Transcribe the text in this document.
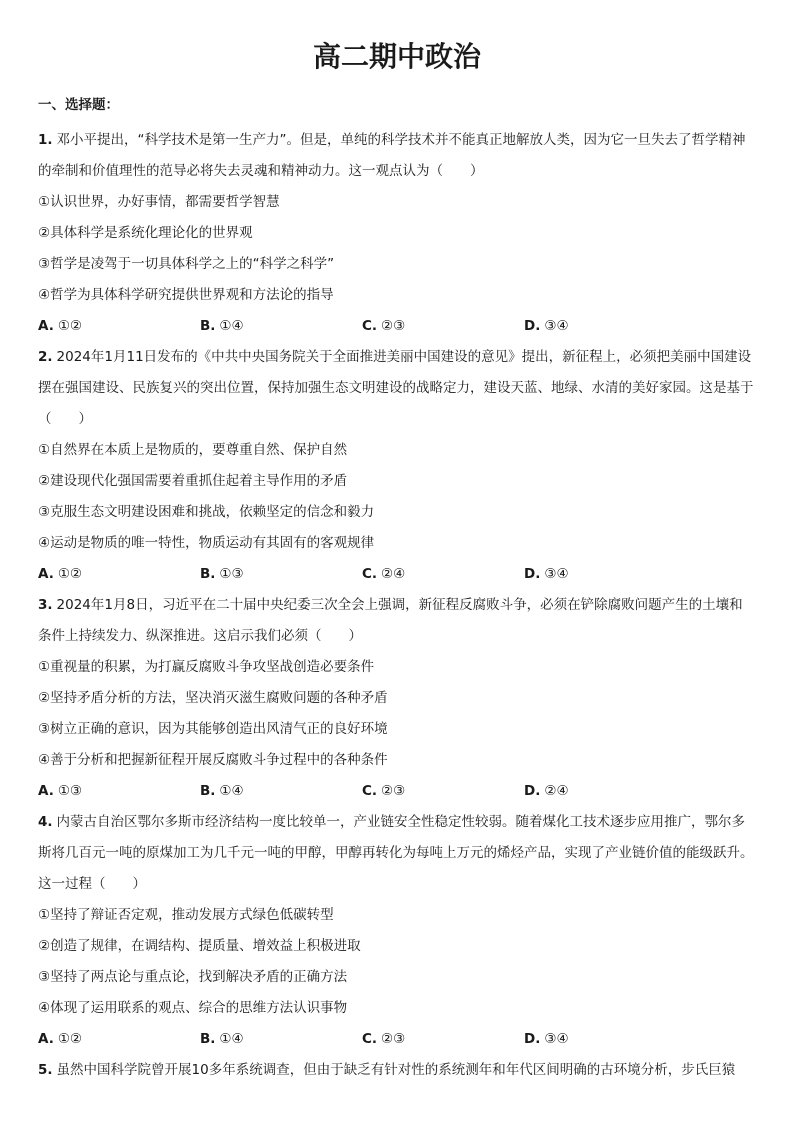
高二期中政治
一、选择题：

1. 邓小平提出，“科学技术是第一生产力”。但是，单纯的科学技术并不能真正地解放人类，因为它一旦失去了哲学精神的牵制和价值理性的范导必将失去灵魂和精神动力。这一观点认为（　　）

①认识世界，办好事情，都需要哲学智慧

②具体科学是系统化理论化的世界观

③哲学是凌驾于一切具体科学之上的“科学之科学”

④哲学为具体科学研究提供世界观和方法论的指导

A. ①②	B. ①④	C. ②③	D. ③④

2. 2024年1月11日发布的《中共中央国务院关于全面推进美丽中国建设的意见》提出，新征程上，必须把美丽中国建设摆在强国建设、民族复兴的突出位置，保持加强生态文明建设的战略定力，建设天蓝、地绿、水清的美好家园。这是基于（　　）

①自然界在本质上是物质的，要尊重自然、保护自然

②建设现代化强国需要着重抓住起着主导作用的矛盾

③克服生态文明建设困难和挑战，依赖坚定的信念和毅力

④运动是物质的唯一特性，物质运动有其固有的客观规律

A. ①②	B. ①③	C. ②④	D. ③④

3. 2024年1月8日，习近平在二十届中央纪委三次全会上强调，新征程反腐败斗争，必须在铲除腐败问题产生的土壤和条件上持续发力、纵深推进。这启示我们必须（　　）

①重视量的积累，为打赢反腐败斗争攻坚战创造必要条件

②坚持矛盾分析的方法，坚决消灭滋生腐败问题的各种矛盾

③树立正确的意识，因为其能够创造出风清气正的良好环境

④善于分析和把握新征程开展反腐败斗争过程中的各种条件

A. ①③	B. ①④	C. ②③	D. ②④

4. 内蒙古自治区鄂尔多斯市经济结构一度比较单一，产业链安全性稳定性较弱。随着煤化工技术逐步应用推广，鄂尔多斯将几百元一吨的原煤加工为几千元一吨的甲醇，甲醇再转化为每吨上万元的烯烃产品，实现了产业链价值的能级跃升。这一过程（　　）

①坚持了辩证否定观，推动发展方式绿色低碳转型

②创造了规律，在调结构、提质量、增效益上积极进取

③坚持了两点论与重点论，找到解决矛盾的正确方法

④体现了运用联系的观点、综合的思维方法认识事物

A. ①②	B. ①④	C. ②③	D. ③④

5. 虽然中国科学院曾开展10多年系统调查，但由于缺乏有针对性的系统测年和年代区间明确的古环境分析，步氏巨猿
